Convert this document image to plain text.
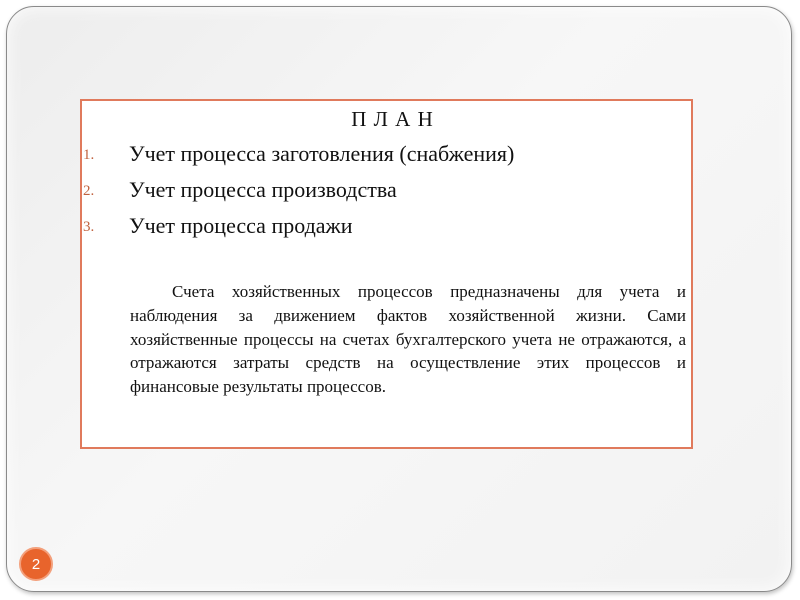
П Л А Н
1. Учет процесса заготовления (снабжения)
2. Учет процесса производства
3. Учет процесса продажи

Счета хозяйственных процессов предназначены для учета и наблюдения за движением фактов хозяйственной жизни. Сами хозяйственные процессы на счетах бухгалтерского учета не отражаются, а отражаются затраты средств на осуществление этих процессов и финансовые результаты процессов.

2
